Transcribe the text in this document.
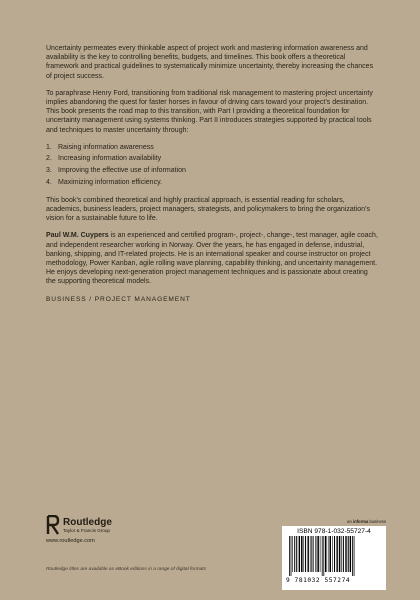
Uncertainty permeates every thinkable aspect of project work and mastering information awareness and availability is the key to controlling benefits, budgets, and timelines. This book offers a theoretical framework and practical guidelines to systematically minimize uncertainty, thereby increasing the chances of project success.

To paraphrase Henry Ford, transitioning from traditional risk management to mastering project uncertainty implies abandoning the quest for faster horses in favour of driving cars toward your project’s destination. This book presents the road map to this transition, with Part I providing a theoretical foundation for uncertainty management using systems thinking. Part II introduces strategies supported by practical tools and techniques to master uncertainty through:

1. Raising information awareness
2. Increasing information availability
3. Improving the effective use of information
4. Maximizing information efficiency.

This book’s combined theoretical and highly practical approach, is essential reading for scholars, academics, business leaders, project managers, strategists, and policymakers to bring the organization’s vision for a sustainable future to life.

Paul W.M. Cuypers is an experienced and certified program-, project-, change-, test manager, agile coach, and independent researcher working in Norway. Over the years, he has engaged in defense, industrial, banking, shipping, and IT-related projects. He is an international speaker and course instructor on project methodology, Power Kanban, agile rolling wave planning, capability thinking, and uncertainty management. He enjoys developing next-generation project management techniques and is passionate about creating the supporting theoretical models.

BUSINESS / PROJECT MANAGEMENT
Routledge
Taylor & Francis Group
www.routledge.com
Routledge titles are available as eBook editions in a range of digital formats
an informa business
ISBN 978-1-032-55727-4
9 781032 557274
